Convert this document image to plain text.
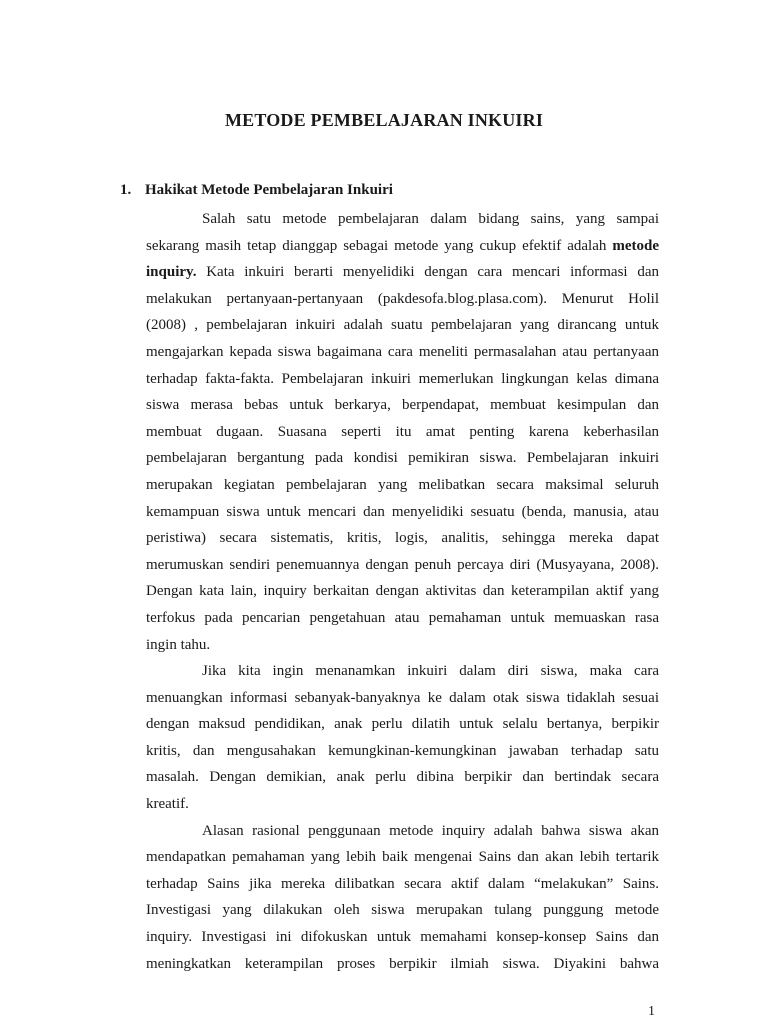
METODE PEMBELAJARAN INKUIRI
1. Hakikat Metode Pembelajaran Inkuiri
Salah satu metode pembelajaran dalam bidang sains, yang sampai
sekarang masih tetap dianggap sebagai metode yang cukup efektif adalah metode
inquiry. Kata inkuiri berarti menyelidiki dengan cara mencari informasi dan
melakukan pertanyaan-pertanyaan (pakdesofa.blog.plasa.com). Menurut Holil
(2008) , pembelajaran inkuiri adalah suatu pembelajaran yang dirancang untuk
mengajarkan kepada siswa bagaimana cara meneliti permasalahan atau pertanyaan
terhadap fakta-fakta. Pembelajaran inkuiri memerlukan lingkungan kelas dimana
siswa merasa bebas untuk berkarya, berpendapat, membuat kesimpulan dan
membuat dugaan. Suasana seperti itu amat penting karena keberhasilan
pembelajaran bergantung pada kondisi pemikiran siswa. Pembelajaran inkuiri
merupakan kegiatan pembelajaran yang melibatkan secara maksimal seluruh
kemampuan siswa untuk mencari dan menyelidiki sesuatu (benda, manusia, atau
peristiwa) secara sistematis, kritis, logis, analitis, sehingga mereka dapat
merumuskan sendiri penemuannya dengan penuh percaya diri (Musyayana, 2008).
Dengan kata lain, inquiry berkaitan dengan aktivitas dan keterampilan aktif yang
terfokus pada pencarian pengetahuan atau pemahaman untuk memuaskan rasa
ingin tahu.
Jika kita ingin menanamkan inkuiri dalam diri siswa, maka cara
menuangkan informasi sebanyak-banyaknya ke dalam otak siswa tidaklah sesuai
dengan maksud pendidikan, anak perlu dilatih untuk selalu bertanya, berpikir
kritis, dan mengusahakan kemungkinan-kemungkinan jawaban terhadap satu
masalah. Dengan demikian, anak perlu dibina berpikir dan bertindak secara
kreatif.
Alasan rasional penggunaan metode inquiry adalah bahwa siswa akan
mendapatkan pemahaman yang lebih baik mengenai Sains dan akan lebih tertarik
terhadap Sains jika mereka dilibatkan secara aktif dalam “melakukan” Sains.
Investigasi yang dilakukan oleh siswa merupakan tulang punggung metode
inquiry. Investigasi ini difokuskan untuk memahami konsep-konsep Sains dan
meningkatkan keterampilan proses berpikir ilmiah siswa. Diyakini bahwa
1
